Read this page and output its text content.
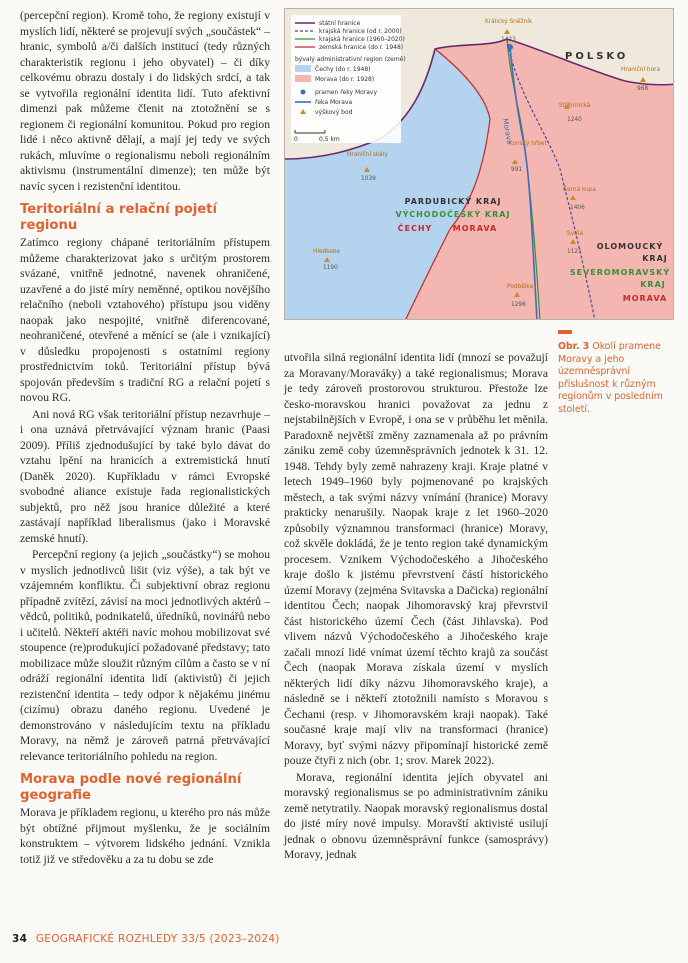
(percepční region). Kromě toho, že regiony existují v myslích lidí, některé se projevují svých „součástek“ – hranic, symbolů a/či dalších institucí (tedy různých charakteristik regionu i jeho obyvatel) – či díky celkovému obrazu dostaly i do lidských srdcí, a tak se vytvořila regionální identita lidí. Tuto afektivní dimenzi pak můžeme členit na ztotožnění se s regionem či regionální komunitou. Pokud pro region lidé i něco aktivně dělají, a mají jej tedy ve svých rukách, mluvíme o regionalismu neboli regionálním aktivismu (instrumentální dimenze); ten může být navíc sycen i rezistenční identitou.

Teritoriální a relační pojetí regionu

Zatímco regiony chápané teritoriálním přístupem můžeme charakterizovat jako s určitým prostorem svázané, vnitřně jednotné, navenek ohraničené, uzavřené a do jisté míry neměnné, optikou novějšího relačního (neboli vztahového) přístupu jsou viděny naopak jako nespojité, vnitřně diferencované, neohraničené, otevřené a měnící se (ale i vznikající) v důsledku propojenosti s ostatními regiony prostřednictvím toků. Teritoriální přístup bývá spojován především s tradiční RG a relační pojetí s novou RG.

Ani nová RG však teritoriální přístup nezavrhuje – i ona uznává přetrvávající význam hranic (Paasi 2009). Příliš zjednodušující by také bylo dávat do vztahu lpění na hranicích a extremistická hnutí (Daněk 2020). Kupříkladu v rámci Evropské svobodné aliance existuje řada regionalistických subjektů, pro něž jsou hranice důležité a které zastávají například liberalismus (jako i Moravské zemské hnutí).

Percepční regiony (a jejich „součástky“) se mohou v myslích jednotlivců lišit (viz výše), a tak být ve vzájemném konfliktu. Či subjektivní obraz regionu případně zvítězí, závisí na moci jednotlivých aktérů – vědců, politiků, podnikatelů, úředníků, novinářů nebo i učitelů. Někteří aktéři navíc mohou mobilizovat své stoupence (re)produkující požadované představy; tato mobilizace může sloužit různým cílům a často se v ní odráží regionální identita lidí (aktivistů) či jejich rezistenční identita – tedy odpor k nějakému jinému (cizímu) obrazu daného regionu. Uvedené je demonstrováno v následujícím textu na příkladu Moravy, na němž je zároveň patrná přetrvávající relevance teritoriálního pohledu na region.

Morava podle nové regionální geografie

Morava je příkladem regionu, u kterého pro nás může být obtížné přijmout myšlenku, že je sociálním konstruktem – výtvorem lidského jednání. Vznikla totiž již ve středověku a za tu dobu se zde

státní hranice
krajská hranice (od r. 2000)
krajská hranice (1960–2020)
zemská hranice (do r. 1948)
bývalý administrativní region (země)
Čechy (do r. 1948)
Morava (do r. 1928)
pramen řeky Moravy
řeka Morava
výškový bod
0	0,5 km
POLSKO
Morava
Králický Sněžník
1423
Hraniční hora
968
Stříbrnická
1240
Konský hřbet
991
Hraniční skály
1039
Černá kupa
1406
Sviňa
1121
Hleďsebe
1190
Podbělka
1296
PARDUBICKÝ KRAJ
VÝCHODOČESKÝ KRAJ
ČECHY	MORAVA
OLOMOUCKÝ
KRAJ
SEVEROMORAVSKÝ
KRAJ
MORAVA

utvořila silná regionální identita lidí (mnozí se považují za Moravany/Moraváky) a také regionalismus; Morava je tedy zároveň prostorovou strukturou. Přestože lze česko-moravskou hranici považovat za jednu z nejstabilnějších v Evropě, i ona se v průběhu let měnila. Paradoxně největší změny zaznamenala až po právním zániku země coby územněsprávních jednotek k 31. 12. 1948. Tehdy byly země nahrazeny kraji. Kraje platné v letech 1949–1960 byly pojmenované po krajských městech, a tak svými názvy vnímání (hranice) Moravy prakticky nenarušily. Naopak kraje z let 1960–2020 způsobily významnou transformaci (hranice) Moravy, což skvěle dokládá, že je tento region také dynamickým procesem. Vznikem Východočeského a Jihočeského kraje došlo k jistému převrstvení částí historického území Moravy (zejména Svitavska a Dačicka) regionální identitou Čech; naopak Jihomoravský kraj převrstvil část historického území Čech (část Jihlavska). Pod vlivem názvů Východočeského a Jihočeského kraje začali mnozí lidé vnímat území těchto krajů za součást Čech (naopak Morava získala území v myslích některých lidí díky názvu Jihomoravského kraje), a následně se i někteří ztotožnili namísto s Moravou s Čechami (resp. v Jihomoravském kraji naopak). Také současné kraje mají vliv na transformaci (hranice) Moravy, byť svými názvy připomínají historické země pouze čtyři z nich (obr. 1; srov. Marek 2022).

Morava, regionální identita jejích obyvatel ani moravský regionalismus se po administrativním zániku země netytratily. Naopak moravský regionalismus dostal do jisté míry nové impulsy. Moravští aktivisté usilují jednak o obnovu územněsprávní funkce (samosprávy) Moravy, jednak

Obr. 3 Okolí pramene Moravy a jeho územněsprávní příslušnost k různým regionům v posledním století.

34 GEOGRAFICKÉ ROZHLEDY 33/5 (2023–2024)
